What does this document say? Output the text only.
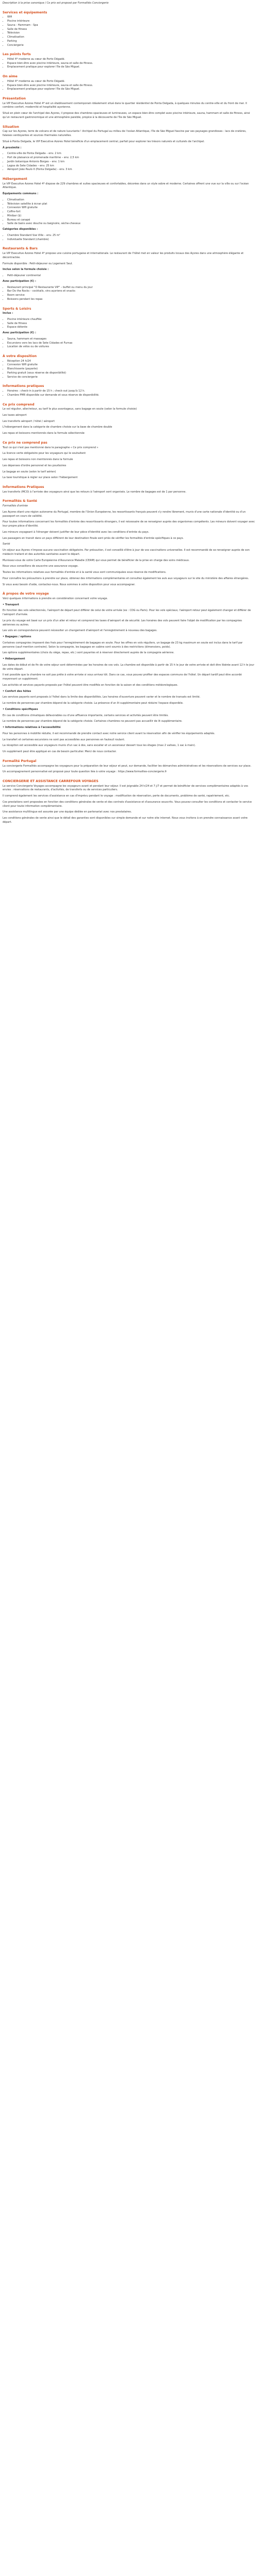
Description à la prise canonique / Ce prix est proposé par Formalités Conciergerie

Services et équipements
• Wifi
• Piscine intérieure
• Sauna - Hammam - Spa
• Salle de fitness
• Télévision
• Climatisation
• Parking
• Conciergerie
Les points forts
• Hôtel 4* moderne au cœur de Porto Dégadé.
• Espace bien-être avec piscine intérieure, sauna et salle de fitness.
• Emplacement pratique pour explorer l'île de São Miguel.
On aime
• Hôtel 4* moderne au cœur de Porto Dégadé.
• Espace bien-être avec piscine intérieure, sauna et salle de fitness.
• Emplacement pratique pour explorer l'île de São Miguel.
Présentation

Le VIP Executive Azores Hotel 4* est un établissement contemporain idéalement situé dans le quartier résidentiel de Ponta Delgada, à quelques minutes du centre-ville et du front de mer. Il combine confort, modernité et hospitalité açorienne.

Situé en plein cœur de l'archipel des Açores, il propose des chambres spacieuses et lumineuses, un espace bien-être complet avec piscine intérieure, sauna, hammam et salle de fitness, ainsi qu'un restaurant gastronomique et une atmosphère paisible, propice à la découverte de l'île de São Miguel.

Situation

Cap sur les Açores, terre de volcans et de nature luxuriante ! Archipel du Portugal au milieu de l'océan Atlantique, l'île de São Miguel fascine par ses paysages grandioses : lacs de cratères, falaises verdoyantes et sources thermales naturelles.

Situé à Ponta Delgada, le VIP Executive Azores Hotel bénéficie d'un emplacement central, parfait pour explorer les trésors naturels et culturels de l'archipel.

À proximité :

• Centre-ville de Ponta Delgada – env. 2 km
• Port de plaisance et promenade maritime – env. 2,5 km
• Jardin botanique Antonio Borges – env. 1 km
• Lagoa do Sete Cidades – env. 25 km
• Aéroport João Paulo II (Ponta Delgada) – env. 3 km
Hébergement

Le VIP Executive Azores Hotel 4* dispose de 229 chambres et suites spacieuses et confortables, décorées dans un style sobre et moderne. Certaines offrent une vue sur la ville ou sur l'océan Atlantique.

Équipements communs :

• Climatisation
• Télévision satellite à écran plat
• Connexion Wifi gratuite
• Coffre-fort
• Minibar ($)
• Bureau et canapé
• Salle de bains avec douche ou baignoire, sèche-cheveux

Catégories disponibles :

• Chambre Standard Vue Ville – env. 25 m²
• Individuelle Standard (chambre)
Restaurants & Bars

Le VIP Executive Azores Hotel 4* propose une cuisine portugaise et internationale. Le restaurant de l'hôtel met en valeur les produits locaux des Açores dans une atmosphère élégante et décontractée.

Formule disponible : Petit-déjeuner ou Logement Seul.

Inclus selon la formule choisie :

• Petit-déjeuner continental

Avec participation (€) :

• Restaurant principal "O Restaurante VIP" – buffet ou menu du jour
• Bar Do the Rocks – cocktails, vins açoriens et snacks
• Room service
• Boissons pendant les repas
Sports & Loisirs

Inclus :

• Piscine intérieure chauffée
• Salle de fitness
• Espace détente

Avec participation (€) :

• Sauna, hammam et massages
• Excursions vers les lacs de Sete Cidades et Furnas
• Location de vélos ou de voitures
À votre disposition
• Réception 24 h/24
• Connexion Wifi gratuite
• Blanchisserie (payante)
• Parking gratuit (sous réserve de disponibilité)
• Service de conciergerie
Informations pratiques
• Horaires : check-in à partir de 15 h ; check-out jusqu'à 12 h.
• Chambre PMR disponible sur demande et sous réserve de disponibilité.
Ce prix comprend

Le vol régulier, aller/retour, au tarif le plus avantageux, sans bagage en soute (selon la formule choisie)

Les taxes aéroport

Les transferts aéroport / hôtel / aéroport

L'hébergement dans la catégorie de chambre choisie sur la base de chambre double

Les repas et boissons mentionnés dans la formule sélectionnée

Ce prix ne comprend pas

Tout ce qui n'est pas mentionné dans le paragraphe « Ce prix comprend »

La licence verte obligatoire pour les voyageurs qui le souhaitent

Les repas et boissons non mentionnés dans la formule

Les dépenses d'ordre personnel et les pourboires

Le bagage en soute (selon le tarif aérien)

La taxe touristique à régler sur place selon l'hébergement

Informations Pratiques

Les transferts (MCO) à l'arrivée des voyageurs ainsi que les retours à l'aéroport sont organisés. Le nombre de bagages est de 1 par personne.

Formalités & Santé

Formalités d'entrée

Les Açores étant une région autonome du Portugal, membre de l'Union Européenne, les ressortissants français peuvent s'y rendre librement, munis d'une carte nationale d'identité ou d'un passeport en cours de validité.

Pour toutes informations concernant les formalités d'entrée des ressortissants étrangers, il est nécessaire de se renseigner auprès des organismes compétents. Les mineurs doivent voyager avec leur propre pièce d'identité.

Les mineurs voyageant à l'étranger doivent justifier de leur pièce d'identité avec les conditions d'entrée du pays.

Les passagers en transit dans un pays différent de leur destination finale sont priés de vérifier les formalités d'entrée spécifiques à ce pays.

Santé

Un séjour aux Açores n'impose aucune vaccination obligatoire. Par précaution, il est conseillé d'être à jour de vos vaccinations universelles. Il est recommandé de se renseigner auprès de son médecin traitant et des autorités sanitaires avant le départ.

Munissez-vous de votre Carte Européenne d'Assurance Maladie (CEAM) qui vous permet de bénéficier de la prise en charge des soins médicaux.

Nous vous conseillons de souscrire une assurance voyage.

Toutes les informations relatives aux formalités d'entrée et à la santé vous sont communiquées sous réserve de modifications.

Pour connaître les précautions à prendre sur place, obtenez des informations complémentaires et consultez également les avis aux voyageurs sur le site du ministère des affaires étrangères.

Si vous avez besoin d'aide, contactez-nous. Nous sommes à votre disposition pour vous accompagner.

À propos de votre voyage

Voici quelques informations à prendre en considération concernant votre voyage.

• Transport

En fonction des vols sélectionnés, l'aéroport de départ peut différer de celui de votre arrivée (ex : CDG ou Paris). Pour les vols spéciaux, l'aéroport retour peut également changer et différer de l'aéroport d'arrivée.

Le prix du voyage est basé sur un prix d'un aller et retour et comprend les taxes d'aéroport et de sécurité. Les horaires des vols peuvent faire l'objet de modification par les compagnies aériennes ou autres.

Les vols en correspondance peuvent nécessiter un changement d'aéroport et l'enregistrement à nouveau des bagages.

• Bagages / options

Certaines compagnies imposent des frais pour l'enregistrement de bagages en soute. Pour les offres en vols réguliers, un bagage de 23 kg maximum en soute est inclus dans le tarif par personne (sauf mention contraire). Selon la compagnie, les bagages en cabine sont soumis à des restrictions (dimensions, poids).

Les options supplémentaires (choix du siège, repas, etc.) sont payantes et à réserver directement auprès de la compagnie aérienne.

• Hébergement

Les dates de début et de fin de votre séjour sont déterminées par les horaires de vos vols. La chambre est disponible à partir de 15 h le jour de votre arrivée et doit être libérée avant 12 h le jour de votre départ.

Il est possible que la chambre ne soit pas prête à votre arrivée si vous arrivez tôt. Dans ce cas, vous pouvez profiter des espaces communs de l'hôtel. Un départ tardif peut être accordé moyennant un supplément.

Les activités et services payants proposés par l'hôtel peuvent être modifiés en fonction de la saison et des conditions météorologiques.

• Confort des hôtes

Les services payants sont proposés à l'hôtel dans la limite des disponibilités. Les horaires d'ouverture peuvent varier et le nombre de transats est limité.

Le nombre de personnes par chambre dépend de la catégorie choisie. La présence d'un lit supplémentaire peut réduire l'espace disponible.

• Conditions spécifiques

En cas de conditions climatiques défavorables ou d'une affluence importante, certains services et activités peuvent être limités.

Le nombre de personnes par chambre dépend de la catégorie choisie. Certaines chambres ne peuvent pas accueillir de lit supplémentaire.

• Informations relatives à l'accessibilité

Pour les personnes à mobilité réduite, il est recommandé de prendre contact avec notre service client avant la réservation afin de vérifier les équipements adaptés.

Le transfert et certaines excursions ne sont pas accessibles aux personnes en fauteuil roulant.

La réception est accessible aux voyageurs munis d'un sac à dos, sans escalier et un ascenseur dessert tous les étages (max 2 valises, 1 sac à main).

Un supplément peut être appliqué en cas de besoin particulier. Merci de nous contacter.

Formalité Portugal

La conciergerie Formalités accompagne les voyageurs pour la préparation de leur séjour et peut, sur demande, faciliter les démarches administratives et les réservations de services sur place.

Un accompagnement personnalisé est proposé pour toute question liée à votre voyage : https://www.formalites-conciergerie.fr

CONCIERGERIE ET ASSISTANCE CARREFOUR VOYAGES

Le service Conciergerie Voyages accompagne les voyageurs avant et pendant leur séjour. Il est joignable 24 h/24 et 7 j/7 et permet de bénéficier de services complémentaires adaptés à vos envies : réservations de restaurants, d'activités, de transferts ou de services particuliers.

Il comprend également les services d'assistance en cas d'imprévu pendant le voyage : modification de réservation, perte de documents, problème de santé, rapatriement, etc.

Ces prestations sont proposées en fonction des conditions générales de vente et des contrats d'assistance et d'assurance souscrits. Vous pouvez consulter les conditions et contacter le service client pour toute information complémentaire.

Une assistance multilingue est assurée par une équipe dédiée en partenariat avec nos prestataires.

Les conditions générales de vente ainsi que le détail des garanties sont disponibles sur simple demande et sur notre site internet. Nous vous invitons à en prendre connaissance avant votre départ.
